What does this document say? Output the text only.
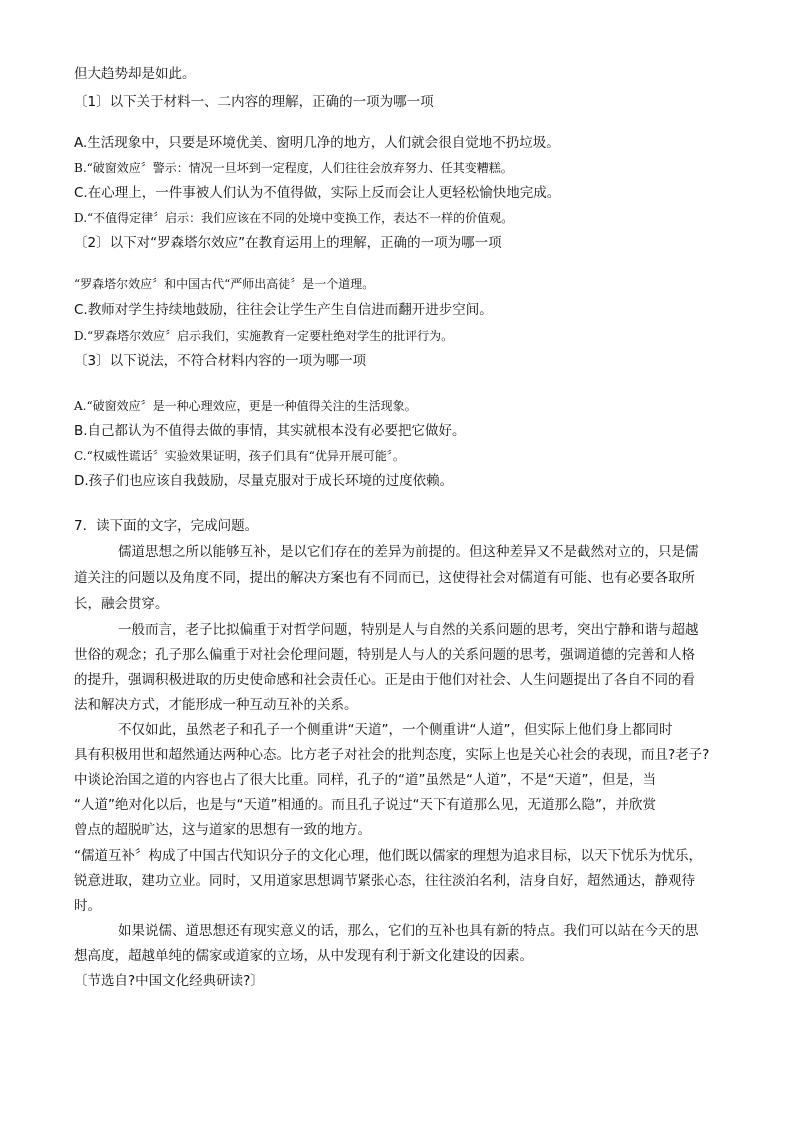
但大趋势却是如此。
〔1〕以下关于材料一、二内容的理解，正确的一项为哪一项
A.生活现象中，只要是环境优美、窗明几净的地方，人们就会很自觉地不扔垃圾。
B.“破窗效应〞警示：情况一旦坏到一定程度，人们往往会放弃努力、任其变糟糕。
C.在心理上，一件事被人们认为不值得做，实际上反而会让人更轻松愉快地完成。
D.“不值得定律〞启示：我们应该在不同的处境中变换工作，表达不一样的价值观。
〔2〕以下对“罗森塔尔效应”在教育运用上的理解，正确的一项为哪一项
“罗森塔尔效应〞和中国古代“严师出高徒〞是一个道理。
C.教师对学生持续地鼓励，往往会让学生产生自信进而翻开进步空间。
D.“罗森塔尔效应〞启示我们，实施教育一定要杜绝对学生的批评行为。
〔3〕以下说法，不符合材料内容的一项为哪一项
A.“破窗效应〞是一种心理效应，更是一种值得关注的生活现象。
B.自己都认为不值得去做的事情，其实就根本没有必要把它做好。
C.“权威性谎话〞实验效果证明，孩子们具有“优异开展可能〞。
D.孩子们也应该自我鼓励，尽量克服对于成长环境的过度依赖。
7．读下面的文字，完成问题。
儒道思想之所以能够互补，是以它们存在的差异为前提的。但这种差异又不是截然对立的，只是儒
道关注的问题以及角度不同，提出的解决方案也有不同而已，这使得社会对儒道有可能、也有必要各取所
长，融会贯穿。
一般而言，老子比拟偏重于对哲学问题，特别是人与自然的关系问题的思考，突出宁静和谐与超越
世俗的观念；孔子那么偏重于对社会伦理问题，特别是人与人的关系问题的思考，强调道德的完善和人格
的提升，强调积极进取的历史使命感和社会责任心。正是由于他们对社会、人生问题提出了各自不同的看
法和解决方式，才能形成一种互动互补的关系。
不仅如此，虽然老子和孔子一个侧重讲“天道”，一个侧重讲“人道”，但实际上他们身上都同时
具有积极用世和超然通达两种心态。比方老子对社会的批判态度，实际上也是关心社会的表现，而且?老子?
中谈论治国之道的内容也占了很大比重。同样，孔子的“道”虽然是“人道”，不是“天道”，但是，当
“人道”绝对化以后，也是与“天道”相通的。而且孔子说过“天下有道那么见，无道那么隐”，并欣赏
曾点的超脱旷达，这与道家的思想有一致的地方。
“儒道互补〞构成了中国古代知识分子的文化心理，他们既以儒家的理想为追求目标，以天下忧乐为忧乐，
锐意进取，建功立业。同时，又用道家思想调节紧张心态，往往淡泊名利，洁身自好，超然通达，静观待
时。
如果说儒、道思想还有现实意义的话，那么，它们的互补也具有新的特点。我们可以站在今天的思
想高度，超越单纯的儒家或道家的立场，从中发现有利于新文化建设的因素。
〔节选自?中国文化经典研读?〕
